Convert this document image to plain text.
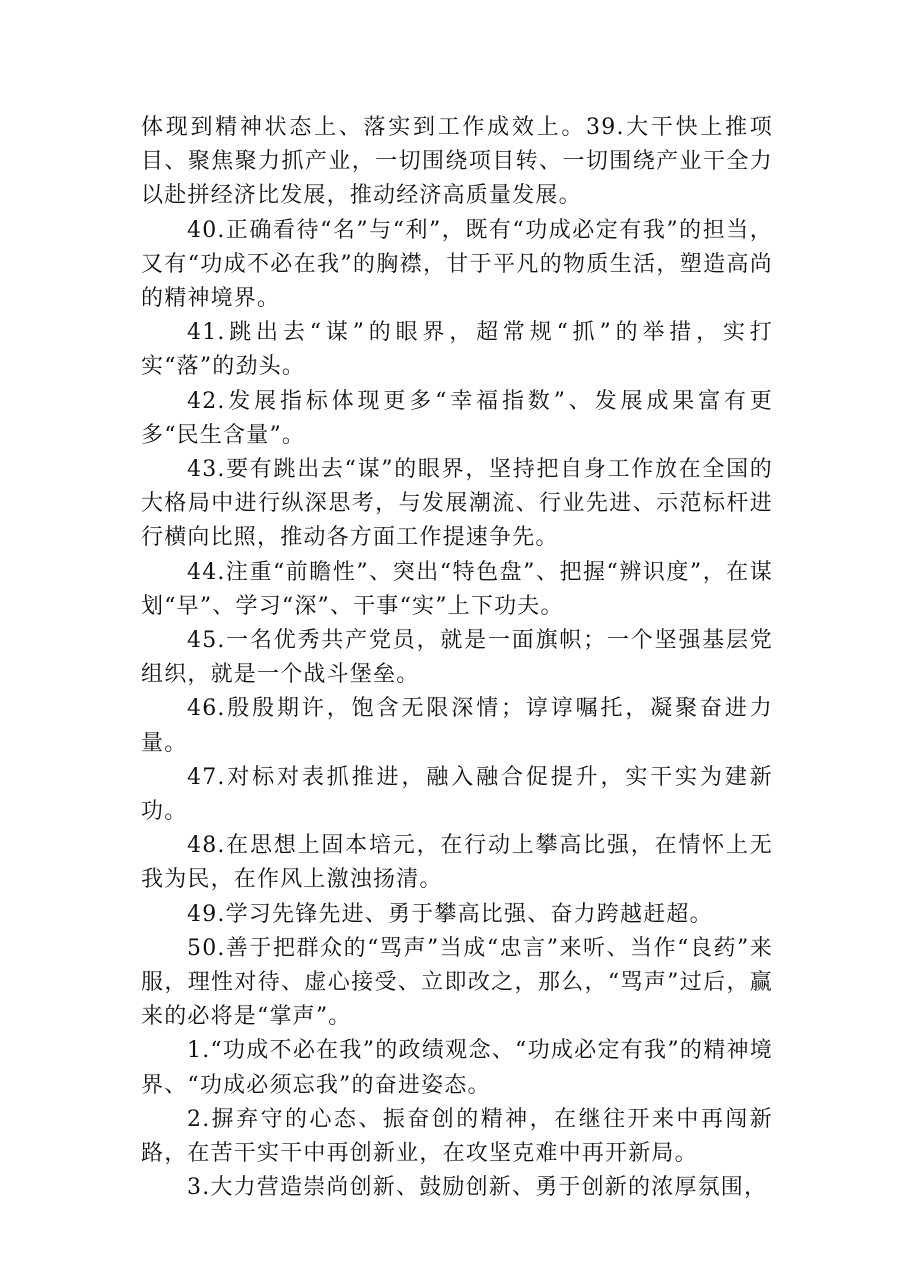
体现到精神状态上、落实到工作成效上。39.大干快上推项目、聚焦聚力抓产业，一切围绕项目转、一切围绕产业干全力以赴拼经济比发展，推动经济高质量发展。

40.正确看待“名”与“利”，既有“功成必定有我”的担当，又有“功成不必在我”的胸襟，甘于平凡的物质生活，塑造高尚的精神境界。

41.跳出去“谋”的眼界，超常规“抓”的举措，实打实“落”的劲头。

42.发展指标体现更多“幸福指数”、发展成果富有更多“民生含量”。

43.要有跳出去“谋”的眼界，坚持把自身工作放在全国的大格局中进行纵深思考，与发展潮流、行业先进、示范标杆进行横向比照，推动各方面工作提速争先。

44.注重“前瞻性”、突出“特色盘”、把握“辨识度”，在谋划“早”、学习“深”、干事“实”上下功夫。

45.一名优秀共产党员，就是一面旗帜；一个坚强基层党组织，就是一个战斗堡垒。

46.殷殷期许，饱含无限深情；谆谆嘱托，凝聚奋进力量。

47.对标对表抓推进，融入融合促提升，实干实为建新功。

48.在思想上固本培元，在行动上攀高比强，在情怀上无我为民，在作风上激浊扬清。

49.学习先锋先进、勇于攀高比强、奋力跨越赶超。

50.善于把群众的“骂声”当成“忠言”来听、当作“良药”来服，理性对待、虚心接受、立即改之，那么，“骂声”过后，赢来的必将是“掌声”。

1.“功成不必在我”的政绩观念、“功成必定有我”的精神境界、“功成必须忘我”的奋进姿态。

2.摒弃守的心态、振奋创的精神，在继往开来中再闯新路，在苦干实干中再创新业，在攻坚克难中再开新局。

3.大力营造崇尚创新、鼓励创新、勇于创新的浓厚氛围，
